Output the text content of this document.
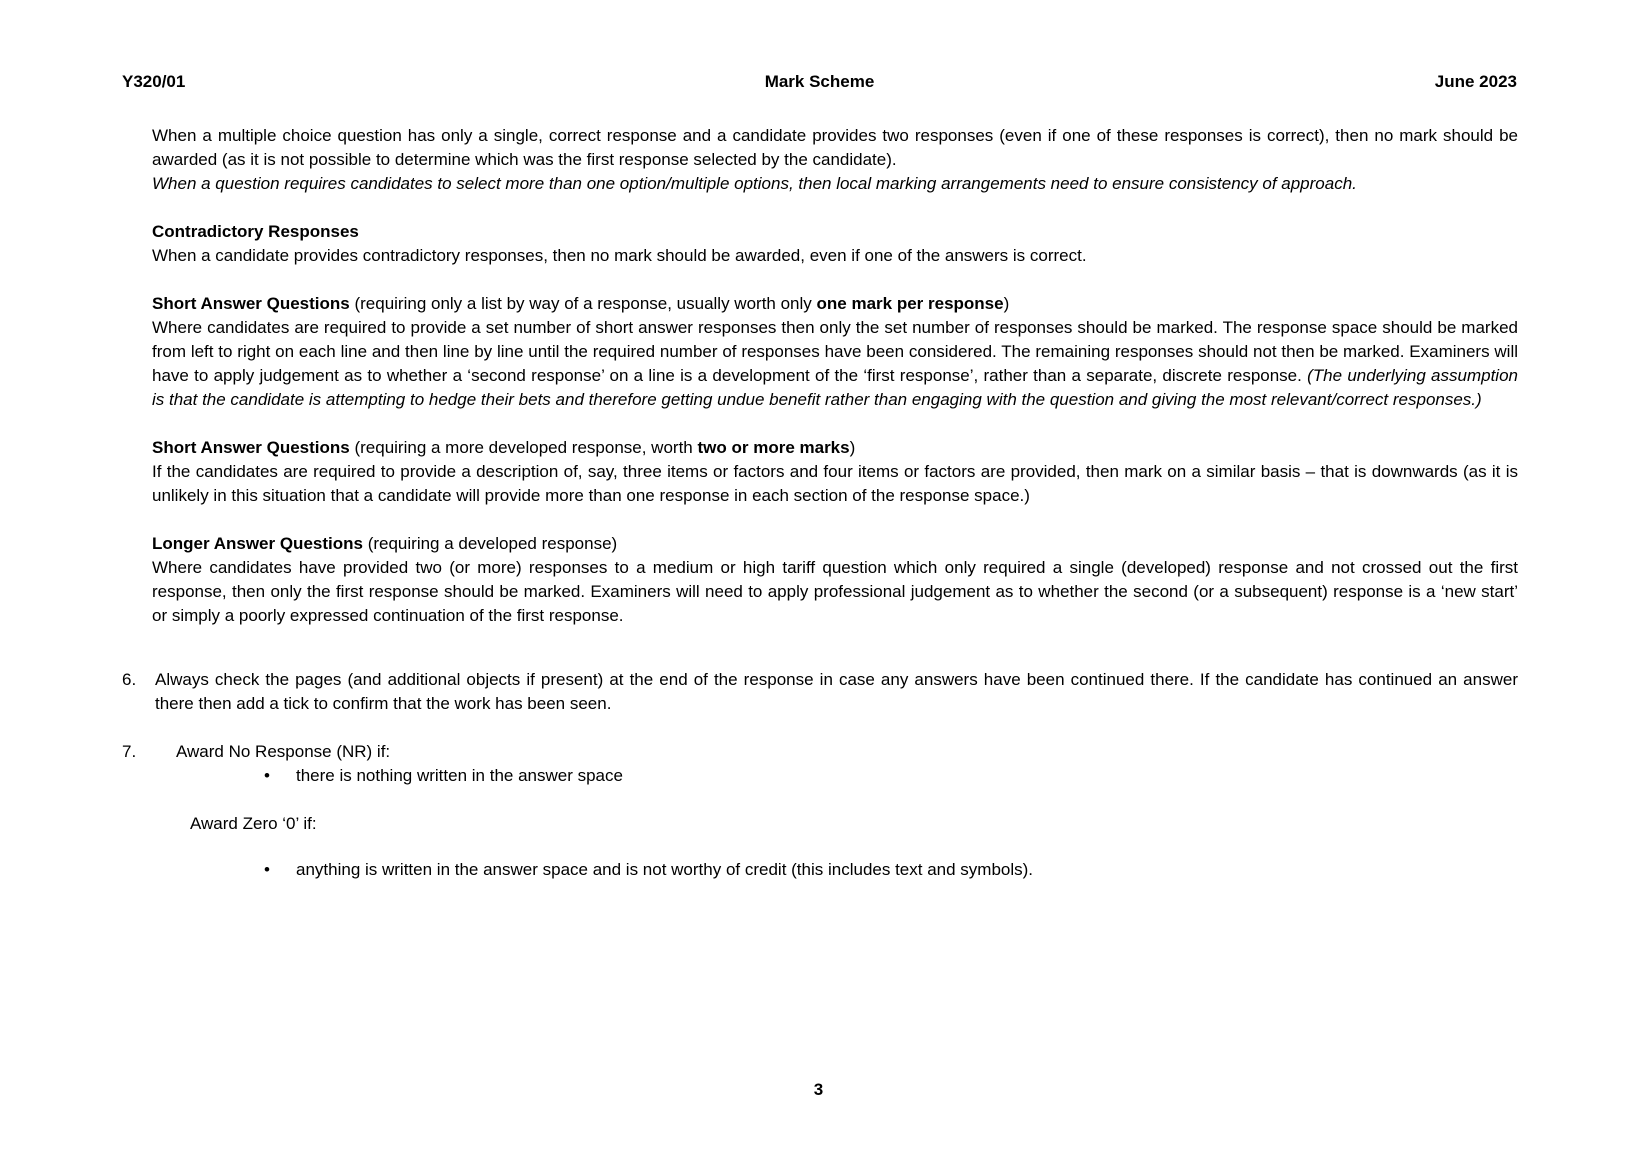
Y320/01	Mark Scheme	June 2023

When a multiple choice question has only a single, correct response and a candidate provides two responses (even if one of these responses is correct), then no mark should be awarded (as it is not possible to determine which was the first response selected by the candidate).

When a question requires candidates to select more than one option/multiple options, then local marking arrangements need to ensure consistency of approach.

Contradictory Responses

When a candidate provides contradictory responses, then no mark should be awarded, even if one of the answers is correct.

Short Answer Questions (requiring only a list by way of a response, usually worth only one mark per response)

Where candidates are required to provide a set number of short answer responses then only the set number of responses should be marked. The response space should be marked from left to right on each line and then line by line until the required number of responses have been considered. The remaining responses should not then be marked. Examiners will have to apply judgement as to whether a ‘second response’ on a line is a development of the ‘first response’, rather than a separate, discrete response. (The underlying assumption is that the candidate is attempting to hedge their bets and therefore getting undue benefit rather than engaging with the question and giving the most relevant/correct responses.)

Short Answer Questions (requiring a more developed response, worth two or more marks)

If the candidates are required to provide a description of, say, three items or factors and four items or factors are provided, then mark on a similar basis – that is downwards (as it is unlikely in this situation that a candidate will provide more than one response in each section of the response space.)

Longer Answer Questions (requiring a developed response)

Where candidates have provided two (or more) responses to a medium or high tariff question which only required a single (developed) response and not crossed out the first response, then only the first response should be marked. Examiners will need to apply professional judgement as to whether the second (or a subsequent) response is a ‘new start’ or simply a poorly expressed continuation of the first response.

6.	Always check the pages (and additional objects if present) at the end of the response in case any answers have been continued there. If the candidate has continued an answer there then add a tick to confirm that the work has been seen.

7.	Award No Response (NR) if:

• there is nothing written in the answer space

Award Zero ‘0’ if:

• anything is written in the answer space and is not worthy of credit (this includes text and symbols).
3
